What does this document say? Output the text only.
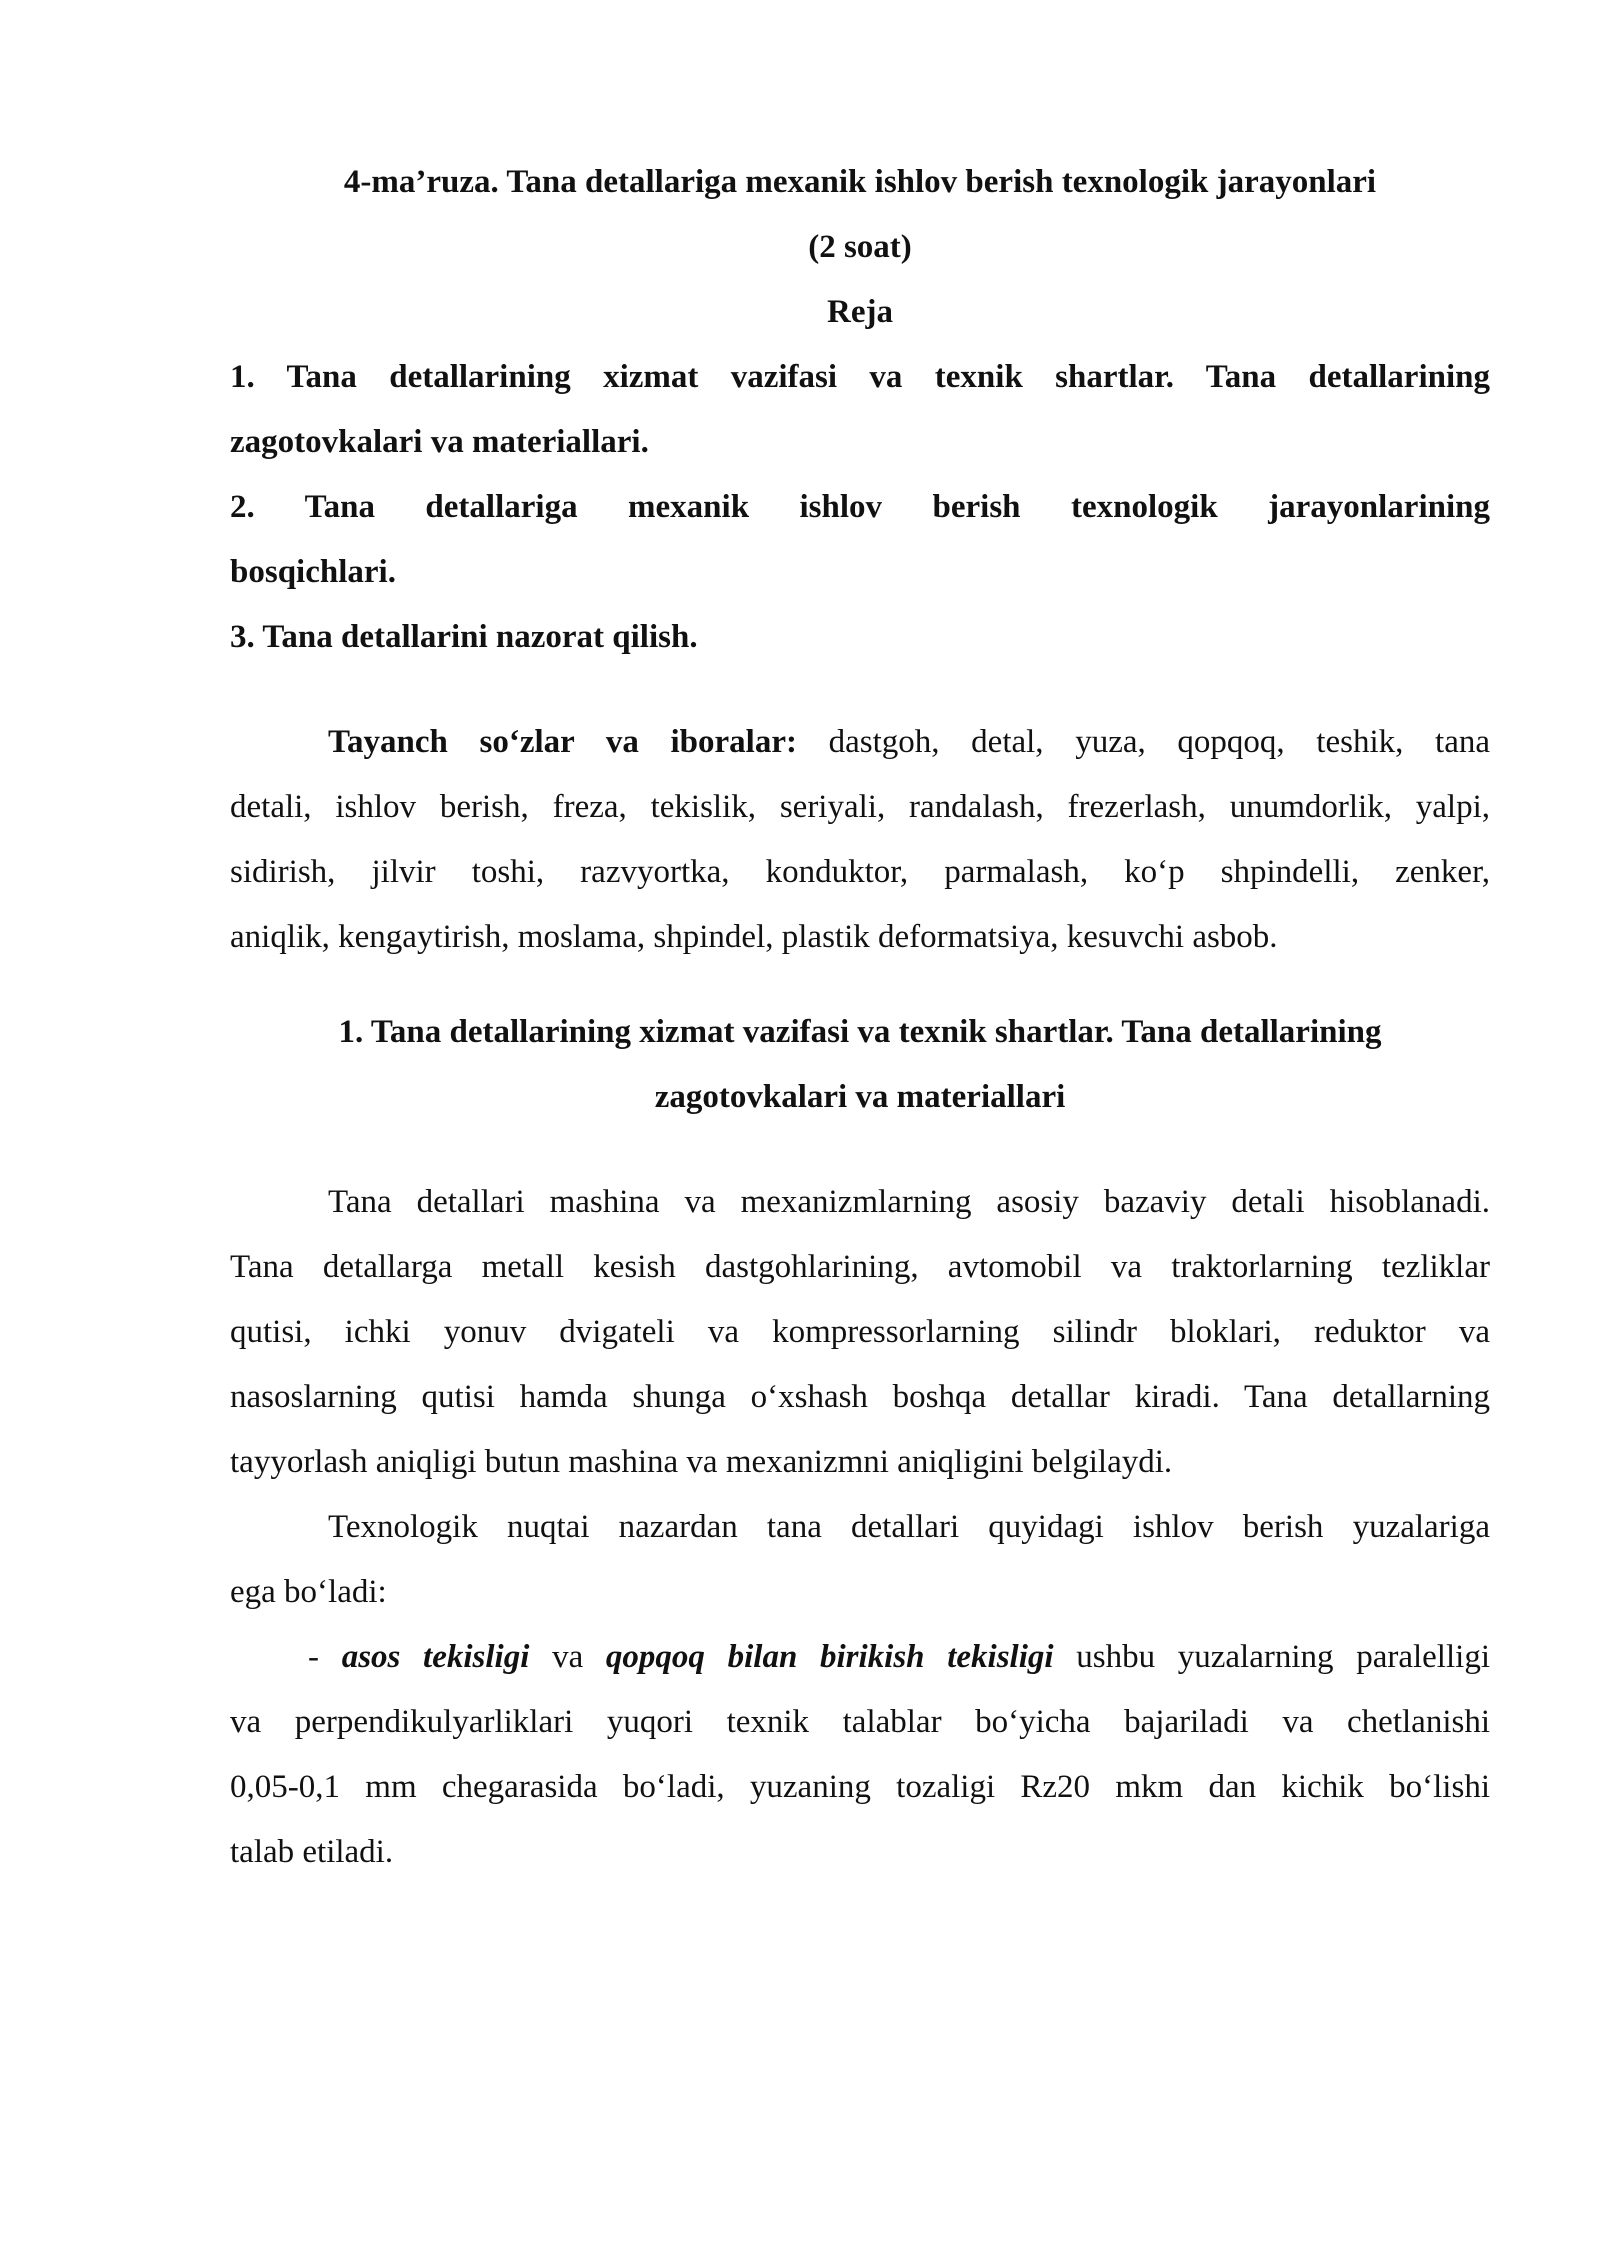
4-ma’ruza. Tana detallariga mexanik ishlov berish texnologik jarayonlari
(2 soat)
Reja
1. Tana detallarining xizmat vazifasi va texnik shartlar. Tana detallarining
zagotovkalari va materiallari.
2. Tana detallariga mexanik ishlov berish texnologik jarayonlarining
bosqichlari.
3. Tana detallarini nazorat qilish.
Tayanch so‘zlar va iboralar: dastgoh, detal, yuza, qopqoq, teshik, tana
detali, ishlov berish, freza, tekislik, seriyali, randalash, frezerlash, unumdorlik, yalpi,
sidirish, jilvir toshi, razvyortka, konduktor, parmalash, ko‘p shpindelli, zenker,
aniqlik, kengaytirish, moslama, shpindel, plastik deformatsiya, kesuvchi asbob.
1. Tana detallarining xizmat vazifasi va texnik shartlar. Tana detallarining
zagotovkalari va materiallari
Tana detallari mashina va mexanizmlarning asosiy bazaviy detali hisoblanadi.
Tana detallarga metall kesish dastgohlarining, avtomobil va traktorlarning tezliklar
qutisi, ichki yonuv dvigateli va kompressorlarning silindr bloklari, reduktor va
nasoslarning qutisi hamda shunga o‘xshash boshqa detallar kiradi. Tana detallarning
tayyorlash aniqligi butun mashina va mexanizmni aniqligini belgilaydi.
Texnologik nuqtai nazardan tana detallari quyidagi ishlov berish yuzalariga
ega bo‘ladi:
- asos tekisligi va qopqoq bilan birikish tekisligi ushbu yuzalarning paralelligi
va perpendikulyarliklari yuqori texnik talablar bo‘yicha bajariladi va chetlanishi
0,05-0,1 mm chegarasida bo‘ladi, yuzaning tozaligi Rz20 mkm dan kichik bo‘lishi
talab etiladi.
